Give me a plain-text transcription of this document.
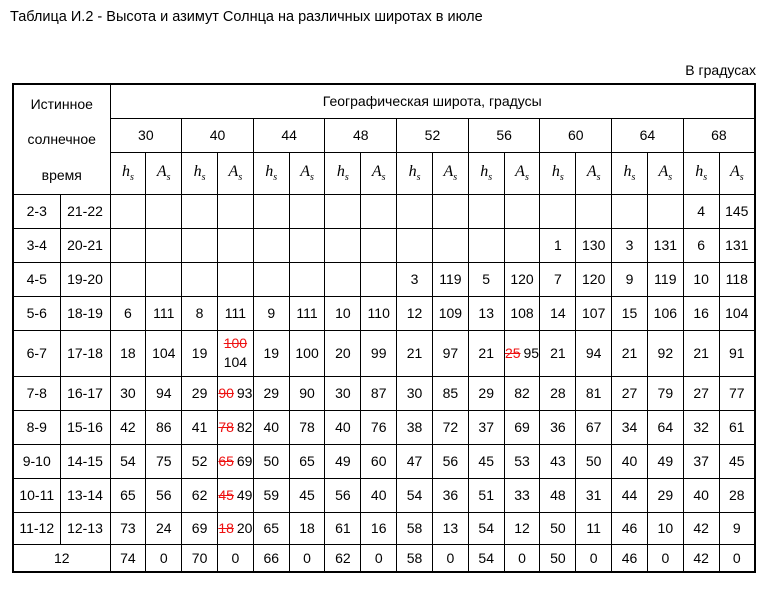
Таблица И.2 - Высота и азимут Солнца на различных широтах в июле
В градусах
Истинное
солнечное
время		Географическая широта, градусы																	
		30		40		44		48		52		56		60		64		68	
		$h_s$	$A_s$	$h_s$	$A_s$	$h_s$	$A_s$	$h_s$	$A_s$	$h_s$	$A_s$	$h_s$	$A_s$	$h_s$	$A_s$	$h_s$	$A_s$	$h_s$	$A_s$
2-3	21-22																	4	145
3-4	20-21													1	130	3	131	6	131
4-5	19-20									3	119	5	120	7	120	9	119	10	118
5-6	18-19	6	111	8	111	9	111	10	110	12	109	13	108	14	107	15	106	16	104
6-7	17-18	18	104	19	100
104	19	100	20	99	21	97	21	25 95	21	94	21	92	21	91
7-8	16-17	30	94	29	90 93	29	90	30	87	30	85	29	82	28	81	27	79	27	77
8-9	15-16	42	86	41	78 82	40	78	40	76	38	72	37	69	36	67	34	64	32	61
9-10	14-15	54	75	52	65 69	50	65	49	60	47	56	45	53	43	50	40	49	37	45
10-11	13-14	65	56	62	45 49	59	45	56	40	54	36	51	33	48	31	44	29	40	28
11-12	12-13	73	24	69	18 20	65	18	61	16	58	13	54	12	50	11	46	10	42	9
12		74	0	70	0	66	0	62	0	58	0	54	0	50	0	46	0	42	0
